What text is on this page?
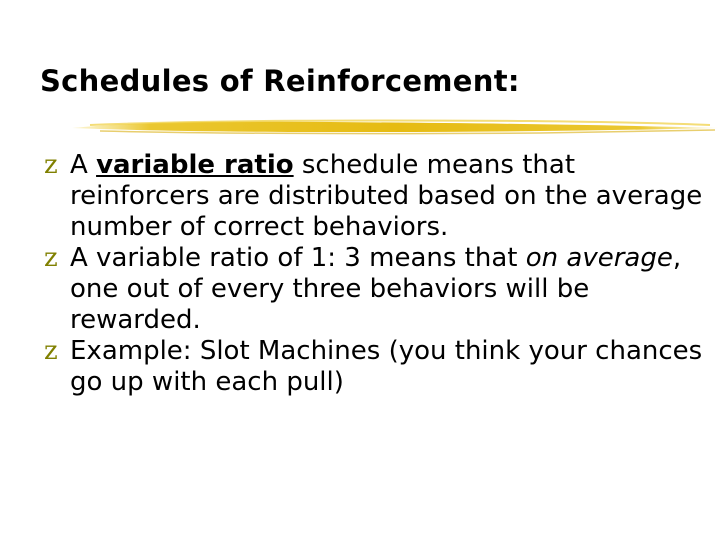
Schedules of Reinforcement:
z A variable ratio schedule means that reinforcers are distributed based on the average number of correct behaviors.
z A variable ratio of 1: 3 means that on average, one out of every three behaviors will be rewarded.
z Example: Slot Machines (you think your chances go up with each pull)
